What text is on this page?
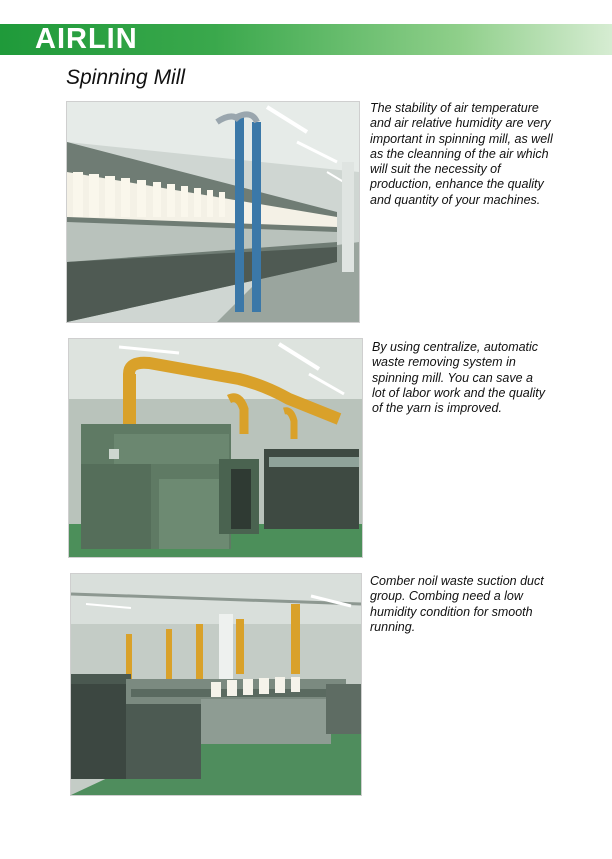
AIRLIN
Spinning Mill
The stability of air temperature and air relative humidity are very important in spinning mill, as well as the cleanning of the air which will suit the necessity of production, enhance the quality and quantity of your machines.
By using centralize, automatic waste removing system in spinning mill. You can save a lot of labor work and the quality of the yarn is improved.
Comber noil waste suction duct group. Combing need a low humidity condition for smooth running.
